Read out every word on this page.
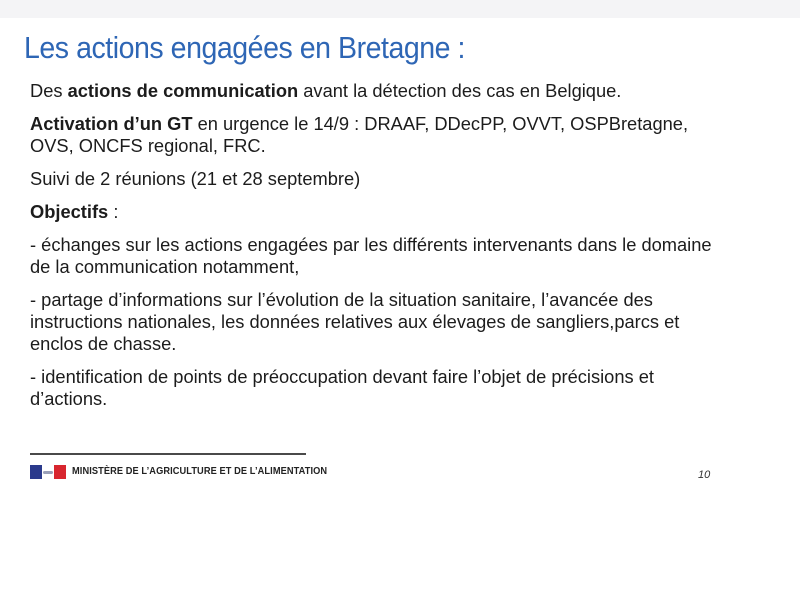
Les actions engagées en Bretagne :

Des actions de communication avant la détection des cas en Belgique.

Activation d’un GT en urgence le 14/9 : DRAAF, DDecPP, OVVT, OSPBretagne, OVS, ONCFS regional, FRC.

Suivi de 2 réunions (21 et 28 septembre)

Objectifs :

- échanges sur les actions engagées par les différents intervenants dans le domaine de la communication notamment,

- partage d’informations sur l’évolution de la situation sanitaire, l’avancée des instructions nationales, les données relatives aux élevages de sangliers,parcs et enclos de chasse.

- identification de points de préoccupation devant faire l’objet de précisions et d’actions.

MINISTÈRE DE L’AGRICULTURE ET DE L’ALIMENTATION	10
